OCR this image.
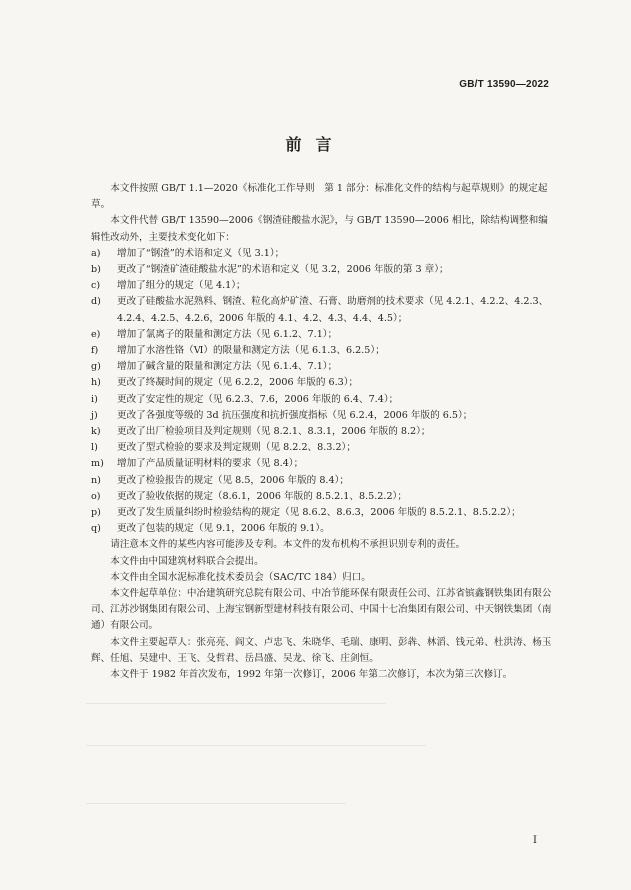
GB/T 13590—2022
前言

本文件按照 GB/T 1.1—2020《标准化工作导则　第 1 部分：标准化文件的结构与起草规则》的规定起草。

本文件代替 GB/T 13590—2006《钢渣硅酸盐水泥》，与 GB/T 13590—2006 相比，除结构调整和编辑性改动外，主要技术变化如下：

a) 增加了“钢渣”的术语和定义（见 3.1）；
b) 更改了“钢渣矿渣硅酸盐水泥”的术语和定义（见 3.2，2006 年版的第 3 章）；
c) 增加了组分的规定（见 4.1）；
d) 更改了硅酸盐水泥熟料、钢渣、粒化高炉矿渣、石膏、助磨剂的技术要求（见 4.2.1、4.2.2、4.2.3、4.2.4、4.2.5、4.2.6，2006 年版的 4.1、4.2、4.3、4.4、4.5）；
e) 增加了氯离子的限量和测定方法（见 6.1.2、7.1）；
f) 增加了水溶性铬（Ⅵ）的限量和测定方法（见 6.1.3、6.2.5）；
g) 增加了碱含量的限量和测定方法（见 6.1.4、7.1）；
h) 更改了终凝时间的规定（见 6.2.2，2006 年版的 6.3）；
i) 更改了安定性的规定（见 6.2.3、7.6，2006 年版的 6.4、7.4）；
j) 更改了各强度等级的 3d 抗压强度和抗折强度指标（见 6.2.4，2006 年版的 6.5）；
k) 更改了出厂检验项目及判定规则（见 8.2.1、8.3.1，2006 年版的 8.2）；
l) 更改了型式检验的要求及判定规则（见 8.2.2、8.3.2）；
m) 增加了产品质量证明材料的要求（见 8.4）；
n) 更改了检验报告的规定（见 8.5，2006 年版的 8.4）；
o) 更改了验收依据的规定（8.6.1，2006 年版的 8.5.2.1、8.5.2.2）；
p) 更改了发生质量纠纷时检验结构的规定（见 8.6.2、8.6.3，2006 年版的 8.5.2.1、8.5.2.2）；
q) 更改了包装的规定（见 9.1，2006 年版的 9.1）。

请注意本文件的某些内容可能涉及专利。本文件的发布机构不承担识别专利的责任。

本文件由中国建筑材料联合会提出。

本文件由全国水泥标准化技术委员会（SAC/TC 184）归口。

本文件起草单位：中冶建筑研究总院有限公司、中冶节能环保有限责任公司、江苏省镔鑫钢铁集团有限公司、江苏沙钢集团有限公司、上海宝钢新型建材科技有限公司、中国十七冶集团有限公司、中天钢铁集团（南通）有限公司。

本文件主要起草人：张亮亮、阎文、卢忠飞、朱晓华、毛瑞、康明、彭犇、林滔、钱元弟、杜洪涛、杨玉辉、任旭、吴建中、王飞、殳哲君、岳昌盛、吴龙、徐飞、庄剑恒。

本文件于 1982 年首次发布，1992 年第一次修订，2006 年第二次修订，本次为第三次修订。

I
